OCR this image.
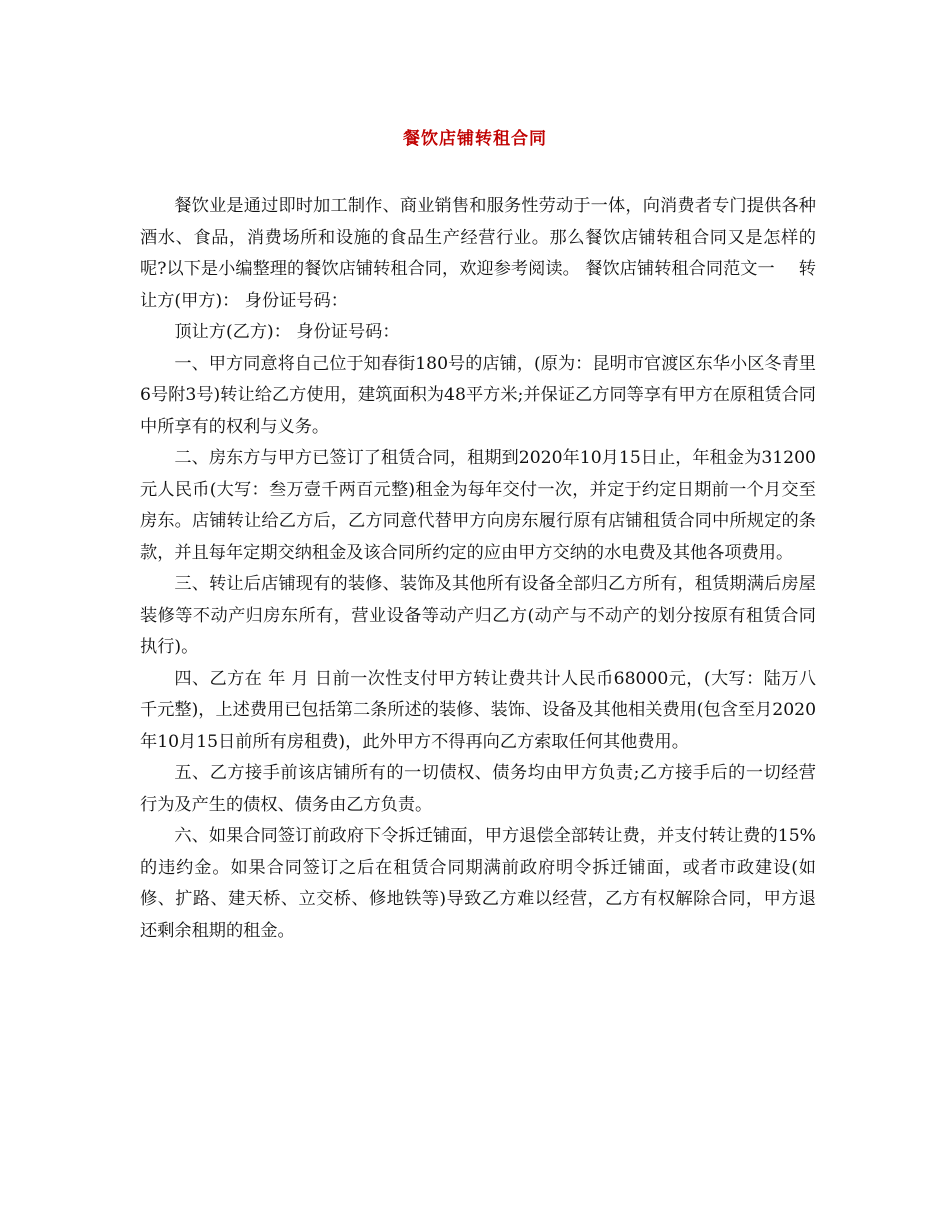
餐饮店铺转租合同

餐饮业是通过即时加工制作、商业销售和服务性劳动于一体，向消费者专门提供各种酒水、食品，消费场所和设施的食品生产经营行业。那么餐饮店铺转租合同又是怎样的呢?以下是小编整理的餐饮店铺转租合同，欢迎参考阅读。 餐饮店铺转租合同范文一 转让方(甲方)： 身份证号码：

顶让方(乙方)： 身份证号码：

一、甲方同意将自己位于知春街180号的店铺，(原为：昆明市官渡区东华小区冬青里6号附3号)转让给乙方使用，建筑面积为48平方米;并保证乙方同等享有甲方在原租赁合同中所享有的权利与义务。

二、房东方与甲方已签订了租赁合同，租期到2020年10月15日止，年租金为31200元人民币(大写：叁万壹千两百元整)租金为每年交付一次，并定于约定日期前一个月交至房东。店铺转让给乙方后，乙方同意代替甲方向房东履行原有店铺租赁合同中所规定的条款，并且每年定期交纳租金及该合同所约定的应由甲方交纳的水电费及其他各项费用。

三、转让后店铺现有的装修、装饰及其他所有设备全部归乙方所有，租赁期满后房屋装修等不动产归房东所有，营业设备等动产归乙方(动产与不动产的划分按原有租赁合同执行)。

四、乙方在 年 月 日前一次性支付甲方转让费共计人民币68000元，(大写：陆万八千元整)，上述费用已包括第二条所述的装修、装饰、设备及其他相关费用(包含至月2020年10月15日前所有房租费)，此外甲方不得再向乙方索取任何其他费用。

五、乙方接手前该店铺所有的一切债权、债务均由甲方负责;乙方接手后的一切经营行为及产生的债权、债务由乙方负责。

六、如果合同签订前政府下令拆迁铺面，甲方退偿全部转让费，并支付转让费的15%的违约金。如果合同签订之后在租赁合同期满前政府明令拆迁铺面，或者市政建设(如修、扩路、建天桥、立交桥、修地铁等)导致乙方难以经营，乙方有权解除合同，甲方退还剩余租期的租金。
